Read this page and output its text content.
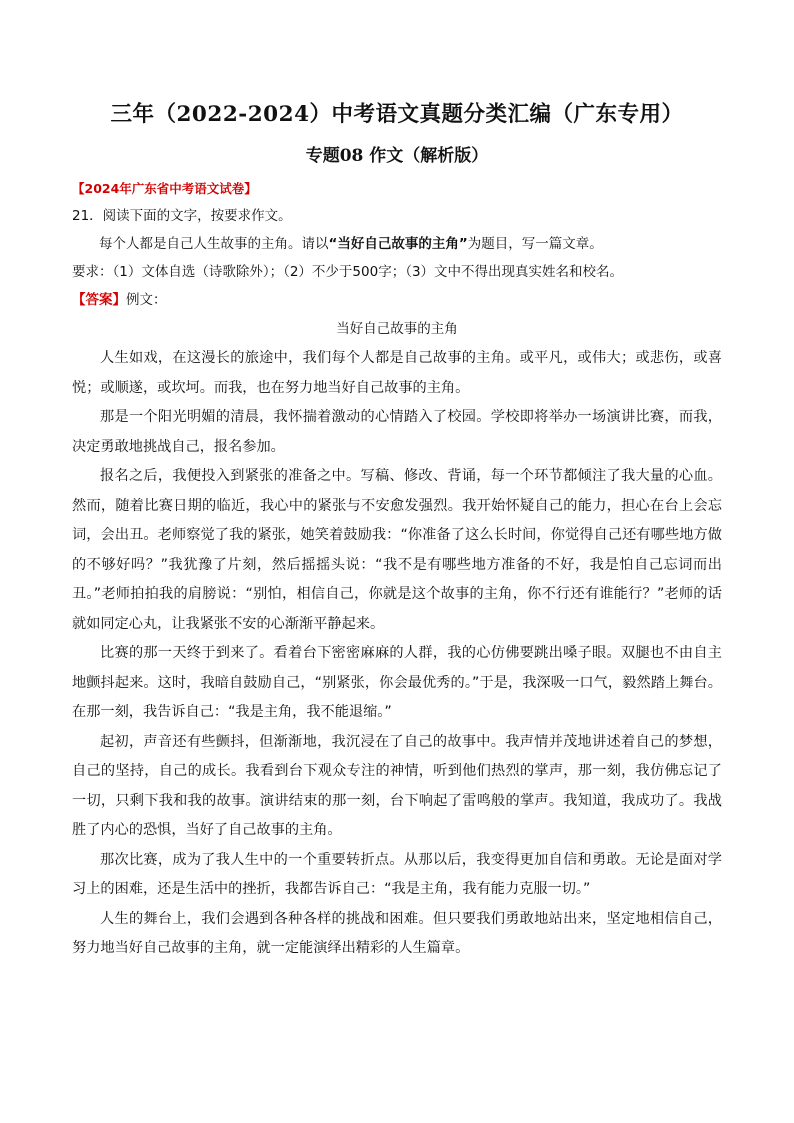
三年（2022-2024）中考语文真题分类汇编（广东专用）
专题08 作文（解析版）
【2024年广东省中考语文试卷】

21．阅读下面的文字，按要求作文。

每个人都是自己人生故事的主角。请以“当好自己故事的主角”为题目，写一篇文章。

要求：（1）文体自选（诗歌除外）；（2）不少于500字；（3）文中不得出现真实姓名和校名。

【答案】例文：

当好自己故事的主角

人生如戏，在这漫长的旅途中，我们每个人都是自己故事的主角。或平凡，或伟大；或悲伤，或喜悦；或顺遂，或坎坷。而我，也在努力地当好自己故事的主角。

那是一个阳光明媚的清晨，我怀揣着激动的心情踏入了校园。学校即将举办一场演讲比赛，而我，决定勇敢地挑战自己，报名参加。

报名之后，我便投入到紧张的准备之中。写稿、修改、背诵，每一个环节都倾注了我大量的心血。然而，随着比赛日期的临近，我心中的紧张与不安愈发强烈。我开始怀疑自己的能力，担心在台上会忘词，会出丑。老师察觉了我的紧张，她笑着鼓励我：“你准备了这么长时间，你觉得自己还有哪些地方做的不够好吗？”我犹豫了片刻，然后摇摇头说：“我不是有哪些地方准备的不好，我是怕自己忘词而出丑。”老师拍拍我的肩膀说：“别怕，相信自己，你就是这个故事的主角，你不行还有谁能行？”老师的话就如同定心丸，让我紧张不安的心渐渐平静起来。

比赛的那一天终于到来了。看着台下密密麻麻的人群，我的心仿佛要跳出嗓子眼。双腿也不由自主地颤抖起来。这时，我暗自鼓励自己，“别紧张，你会最优秀的。”于是，我深吸一口气，毅然踏上舞台。在那一刻，我告诉自己：“我是主角，我不能退缩。”

起初，声音还有些颤抖，但渐渐地，我沉浸在了自己的故事中。我声情并茂地讲述着自己的梦想，自己的坚持，自己的成长。我看到台下观众专注的神情，听到他们热烈的掌声，那一刻，我仿佛忘记了一切，只剩下我和我的故事。演讲结束的那一刻，台下响起了雷鸣般的掌声。我知道，我成功了。我战胜了内心的恐惧，当好了自己故事的主角。

那次比赛，成为了我人生中的一个重要转折点。从那以后，我变得更加自信和勇敢。无论是面对学习上的困难，还是生活中的挫折，我都告诉自己：“我是主角，我有能力克服一切。”

人生的舞台上，我们会遇到各种各样的挑战和困难。但只要我们勇敢地站出来，坚定地相信自己，努力地当好自己故事的主角，就一定能演绎出精彩的人生篇章。
